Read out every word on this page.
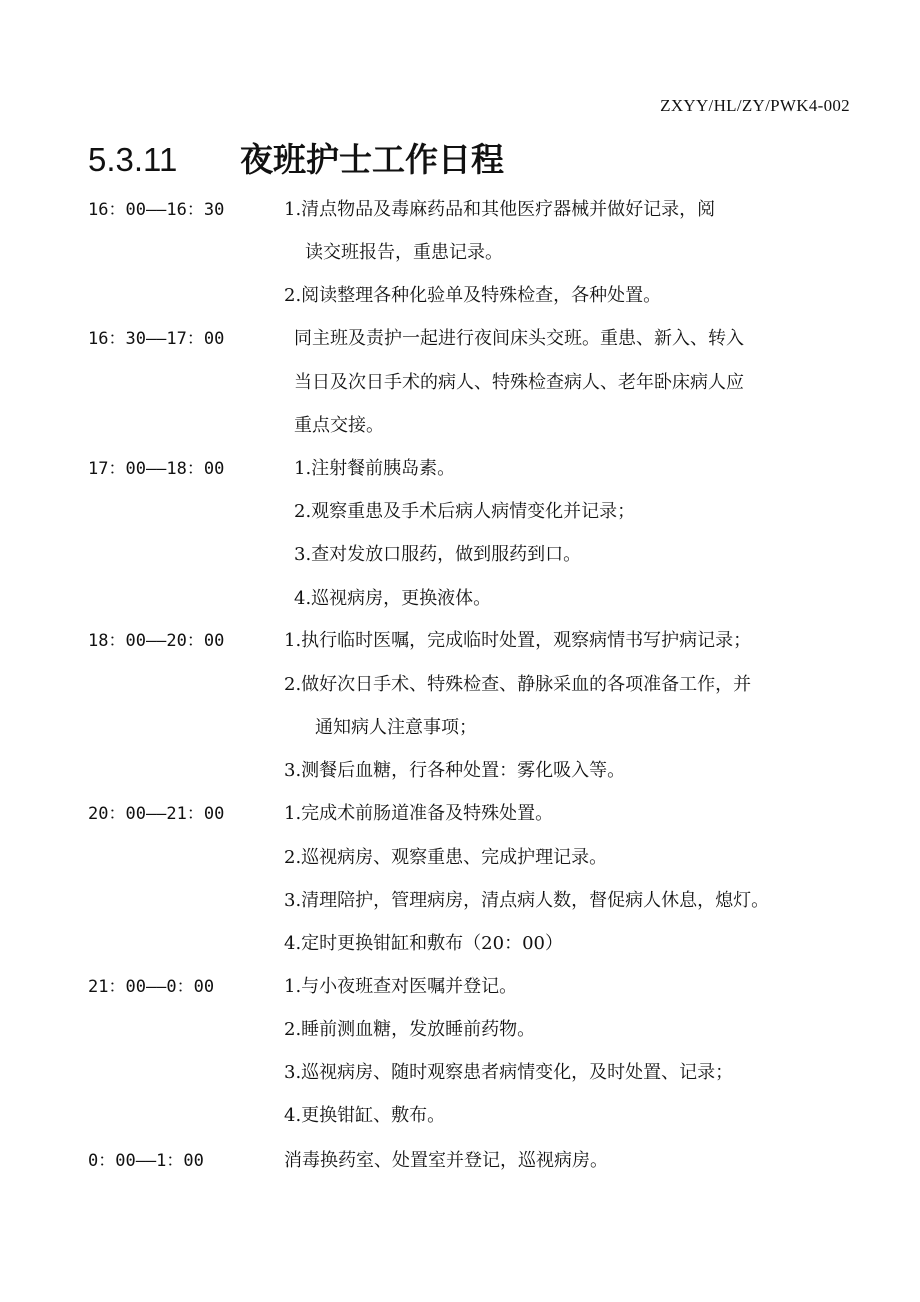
ZXYY/HL/ZY/PWK4-002
5.3.11 夜班护士工作日程
16：00——16：30	1.清点物品及毒麻药品和其他医疗器械并做好记录，阅
读交班报告，重患记录。
2.阅读整理各种化验单及特殊检查，各种处置。
16：30——17：00	同主班及责护一起进行夜间床头交班。重患、新入、转入
当日及次日手术的病人、特殊检查病人、老年卧床病人应
重点交接。
17：00——18：00	1.注射餐前胰岛素。
2.观察重患及手术后病人病情变化并记录；
3.查对发放口服药，做到服药到口。
4.巡视病房，更换液体。
18：00——20：00	1.执行临时医嘱，完成临时处置，观察病情书写护病记录；
2.做好次日手术、特殊检查、静脉采血的各项准备工作，并
通知病人注意事项；
3.测餐后血糖，行各种处置：雾化吸入等。
20：00——21：00	1.完成术前肠道准备及特殊处置。
2.巡视病房、观察重患、完成护理记录。
3.清理陪护，管理病房，清点病人数，督促病人休息，熄灯。
4.定时更换钳缸和敷布（20：00）
21：00——0：00	1.与小夜班查对医嘱并登记。
2.睡前测血糖，发放睡前药物。
3.巡视病房、随时观察患者病情变化，及时处置、记录；
4.更换钳缸、敷布。
0：00——1：00	消毒换药室、处置室并登记，巡视病房。
